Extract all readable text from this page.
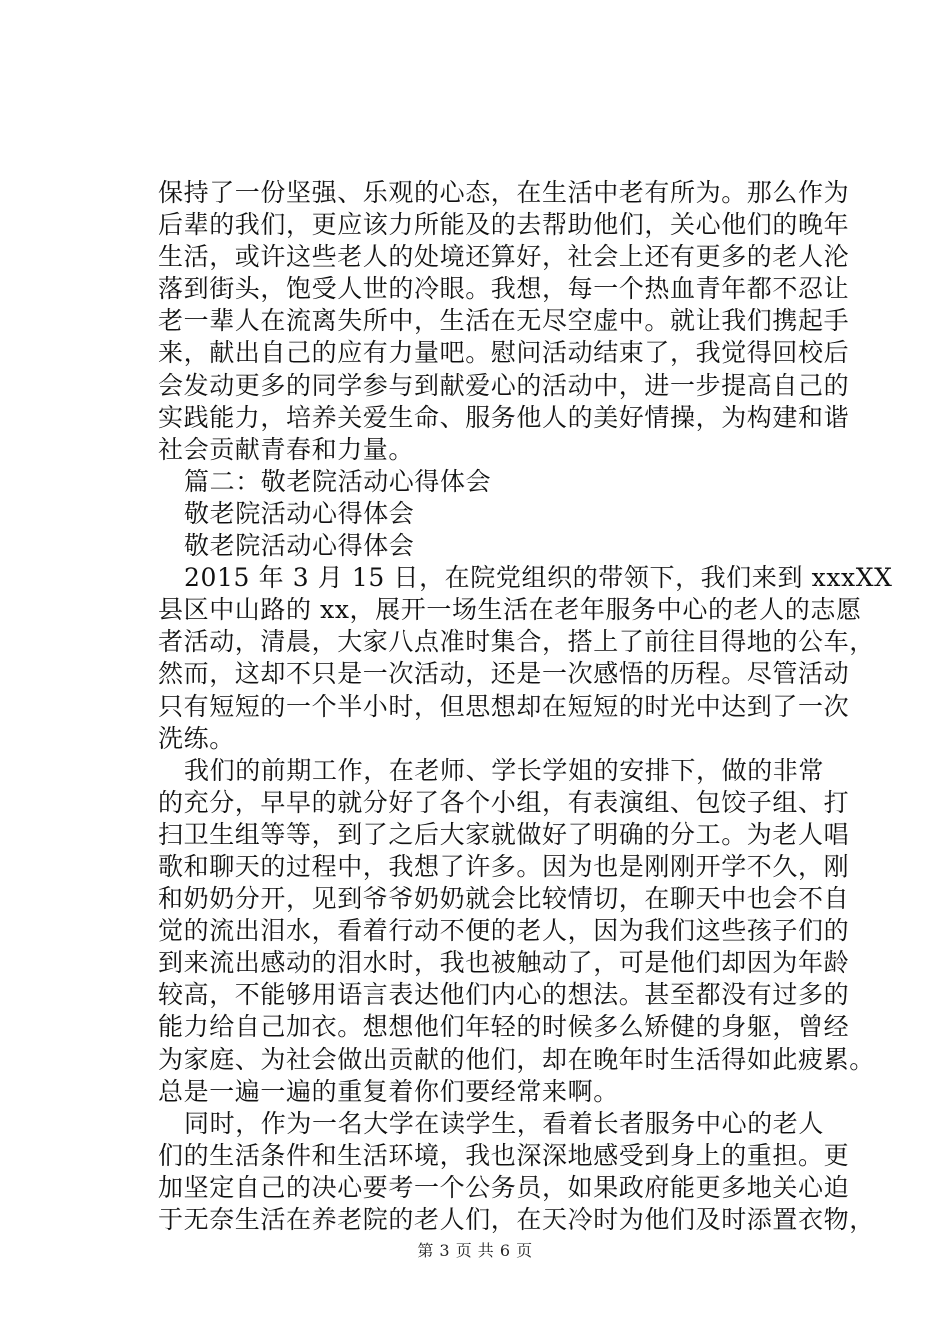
保持了一份坚强、乐观的心态，在生活中老有所为。那么作为
后辈的我们，更应该力所能及的去帮助他们，关心他们的晚年
生活，或许这些老人的处境还算好，社会上还有更多的老人沦
落到街头，饱受人世的冷眼。我想，每一个热血青年都不忍让
老一辈人在流离失所中，生活在无尽空虚中。就让我们携起手
来，献出自己的应有力量吧。慰问活动结束了，我觉得回校后
会发动更多的同学参与到献爱心的活动中，进一步提高自己的
实践能力，培养关爱生命、服务他人的美好情操，为构建和谐
社会贡献青春和力量。
篇二：敬老院活动心得体会
敬老院活动心得体会
敬老院活动心得体会
2015 年 3 月 15 日，在院党组织的带领下，我们来到 xxxXX
县区中山路的 xx，展开一场生活在老年服务中心的老人的志愿
者活动，清晨，大家八点准时集合，搭上了前往目得地的公车，
然而，这却不只是一次活动，还是一次感悟的历程。尽管活动
只有短短的一个半小时，但思想却在短短的时光中达到了一次
洗练。
我们的前期工作，在老师、学长学姐的安排下，做的非常
的充分，早早的就分好了各个小组，有表演组、包饺子组、打
扫卫生组等等，到了之后大家就做好了明确的分工。为老人唱
歌和聊天的过程中，我想了许多。因为也是刚刚开学不久，刚
和奶奶分开，见到爷爷奶奶就会比较情切，在聊天中也会不自
觉的流出泪水，看着行动不便的老人，因为我们这些孩子们的
到来流出感动的泪水时，我也被触动了，可是他们却因为年龄
较高，不能够用语言表达他们内心的想法。甚至都没有过多的
能力给自己加衣。想想他们年轻的时候多么矫健的身躯，曾经
为家庭、为社会做出贡献的他们，却在晚年时生活得如此疲累。
总是一遍一遍的重复着你们要经常来啊。
同时，作为一名大学在读学生，看着长者服务中心的老人
们的生活条件和生活环境，我也深深地感受到身上的重担。更
加坚定自己的决心要考一个公务员，如果政府能更多地关心迫
于无奈生活在养老院的老人们，在天冷时为他们及时添置衣物，
第 3 页 共 6 页
